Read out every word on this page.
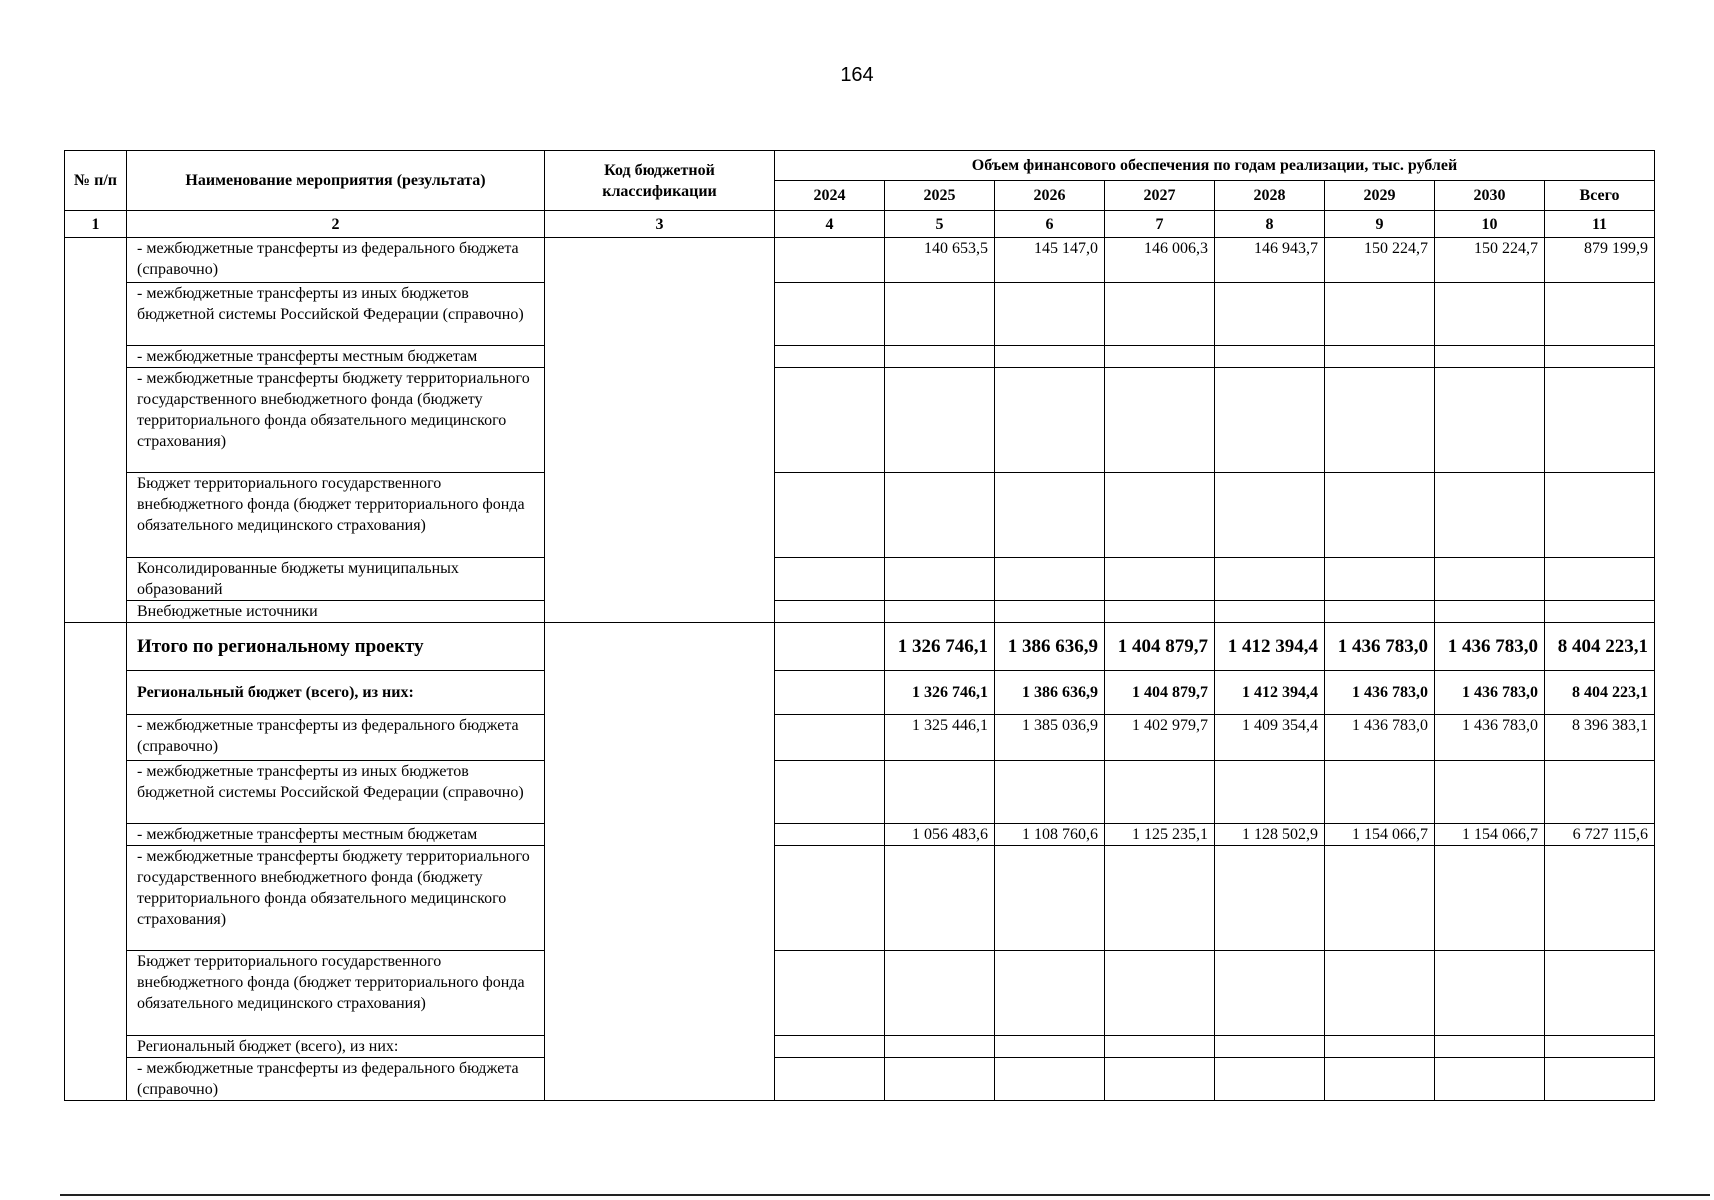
164
№ п/п	Наименование мероприятия (результата)	Код бюджетной классификации	Объем финансового обеспечения по годам реализации, тыс. рублей							
			2024	2025	2026	2027	2028	2029	2030	Всего
1	2	3	4	5	6	7	8	9	10	11
	- межбюджетные трансферты из федерального бюджета (справочно)			140 653,5	145 147,0	146 006,3	146 943,7	150 224,7	150 224,7	879 199,9
	- межбюджетные трансферты из иных бюджетов бюджетной системы Российской Федерации (справочно)									
	- межбюджетные трансферты местным бюджетам									
	- межбюджетные трансферты бюджету территориального государственного внебюджетного фонда (бюджету территориального фонда обязательного медицинского страхования)									
	Бюджет территориального государственного внебюджетного фонда (бюджет территориального фонда обязательного медицинского страхования)									
	Консолидированные бюджеты муниципальных образований									
	Внебюджетные источники									
	Итого по региональному проекту			1 326 746,1	1 386 636,9	1 404 879,7	1 412 394,4	1 436 783,0	1 436 783,0	8 404 223,1
	Региональный бюджет (всего), из них:			1 326 746,1	1 386 636,9	1 404 879,7	1 412 394,4	1 436 783,0	1 436 783,0	8 404 223,1
	- межбюджетные трансферты из федерального бюджета (справочно)			1 325 446,1	1 385 036,9	1 402 979,7	1 409 354,4	1 436 783,0	1 436 783,0	8 396 383,1
	- межбюджетные трансферты из иных бюджетов бюджетной системы Российской Федерации (справочно)									
	- межбюджетные трансферты местным бюджетам			1 056 483,6	1 108 760,6	1 125 235,1	1 128 502,9	1 154 066,7	1 154 066,7	6 727 115,6
	- межбюджетные трансферты бюджету территориального государственного внебюджетного фонда (бюджету территориального фонда обязательного медицинского страхования)									
	Бюджет территориального государственного внебюджетного фонда (бюджет территориального фонда обязательного медицинского страхования)									
	Региональный бюджет (всего), из них:									
	- межбюджетные трансферты из федерального бюджета (справочно)									
